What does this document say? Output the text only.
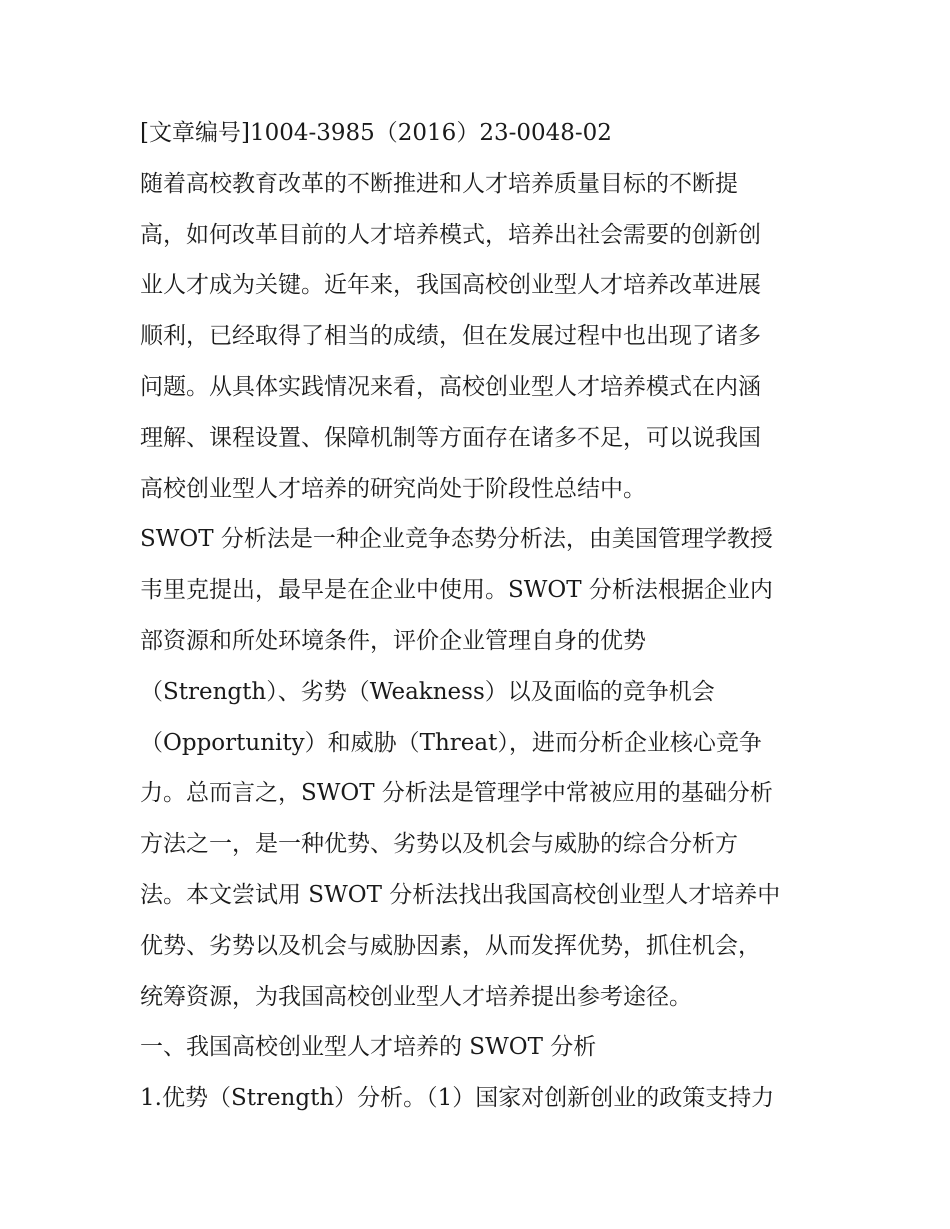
[文章编号]1004-3985（2016）23-0048-02
随着高校教育改革的不断推进和人才培养质量目标的不断提
高，如何改革目前的人才培养模式，培养出社会需要的创新创
业人才成为关键。近年来，我国高校创业型人才培养改革进展
顺利，已经取得了相当的成绩，但在发展过程中也出现了诸多
问题。从具体实践情况来看，高校创业型人才培养模式在内涵
理解、课程设置、保障机制等方面存在诸多不足，可以说我国
高校创业型人才培养的研究尚处于阶段性总结中。
SWOT 分析法是一种企业竞争态势分析法，由美国管理学教授
韦里克提出，最早是在企业中使用。SWOT 分析法根据企业内
部资源和所处环境条件，评价企业管理自身的优势
（Strength）、劣势（Weakness）以及面临的竞争机会
（Opportunity）和威胁（Threat），进而分析企业核心竞争
力。总而言之，SWOT 分析法是管理学中常被应用的基础分析
方法之一，是一种优势、劣势以及机会与威胁的综合分析方
法。本文尝试用 SWOT 分析法找出我国高校创业型人才培养中
优势、劣势以及机会与威胁因素，从而发挥优势，抓住机会，
统筹资源，为我国高校创业型人才培养提出参考途径。
一、我国高校创业型人才培养的 SWOT 分析
1.优势（Strength）分析。（1）国家对创新创业的政策支持力
